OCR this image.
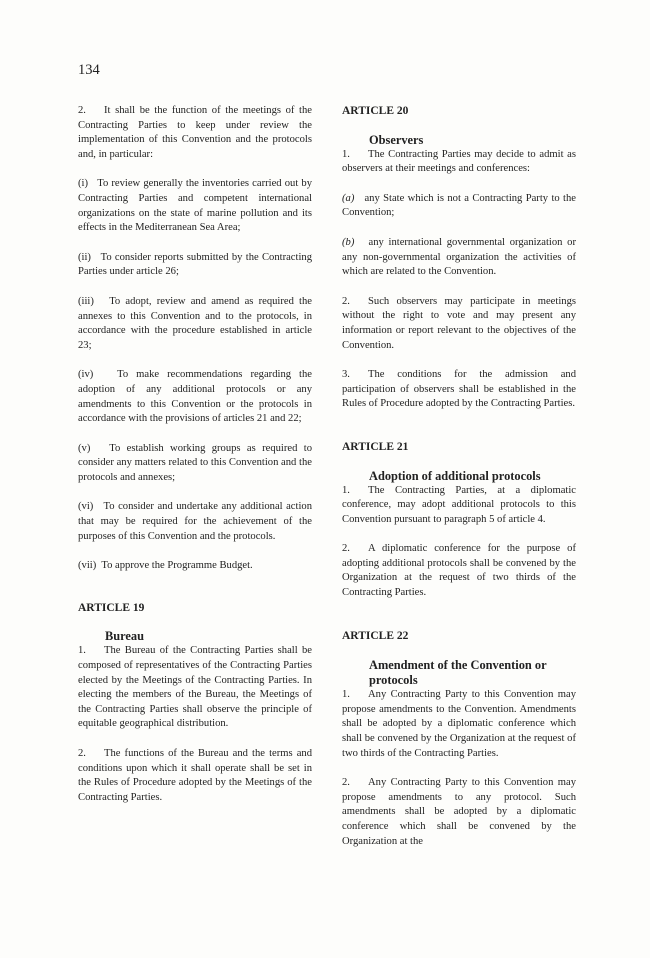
134

2. It shall be the function of the meetings of the Contracting Parties to keep under review the implementation of this Convention and the protocols and, in particular:

(i)   To review generally the inventories carried out by Contracting Parties and competent international organizations on the state of marine pollution and its effects in the Mediterranean Sea Area;

(ii)   To consider reports submitted by the Contracting Parties under article 26;

(iii)   To adopt, review and amend as required the annexes to this Convention and to the protocols, in accordance with the procedure established in article 23;

(iv)   To make recommendations regarding the adoption of any additional protocols or any amendments to this Convention or the protocols in accordance with the provisions of articles 21 and 22;

(v)   To establish working groups as required to consider any matters related to this Convention and the protocols and annexes;

(vi)   To consider and undertake any additional action that may be required for the achievement of the purposes of this Convention and the protocols.

(vii)  To approve the Programme Budget.

ARTICLE 19

Bureau

1. The Bureau of the Contracting Parties shall be composed of representatives of the Contracting Parties elected by the Meetings of the Contracting Parties. In electing the members of the Bureau, the Meetings of the Contracting Parties shall observe the principle of equitable geographical distribution.

2. The functions of the Bureau and the terms and conditions upon which it shall operate shall be set in the Rules of Procedure adopted by the Meetings of the Contracting Parties.

ARTICLE 20

Observers

1. The Contracting Parties may decide to admit as observers at their meetings and conferences:

(a) any State which is not a Contracting Party to the Convention;

(b) any international governmental organization or any non-governmental organization the activities of which are related to the Convention.

2. Such observers may participate in meetings without the right to vote and may present any information or report relevant to the objectives of the Convention.

3. The conditions for the admission and participation of observers shall be established in the Rules of Procedure adopted by the Contracting Parties.

ARTICLE 21

Adoption of additional protocols

1. The Contracting Parties, at a diplomatic conference, may adopt additional protocols to this Convention pursuant to paragraph 5 of article 4.

2. A diplomatic conference for the purpose of adopting additional protocols shall be convened by the Organization at the request of two thirds of the Contracting Parties.

ARTICLE 22

Amendment of the Convention or

protocols

1. Any Contracting Party to this Convention may propose amendments to the Convention. Amendments shall be adopted by a diplomatic conference which shall be convened by the Organization at the request of two thirds of the Contracting Parties.

2. Any Contracting Party to this Convention may propose amendments to any protocol. Such amendments shall be adopted by a diplomatic conference which shall be convened by the Organization at the
